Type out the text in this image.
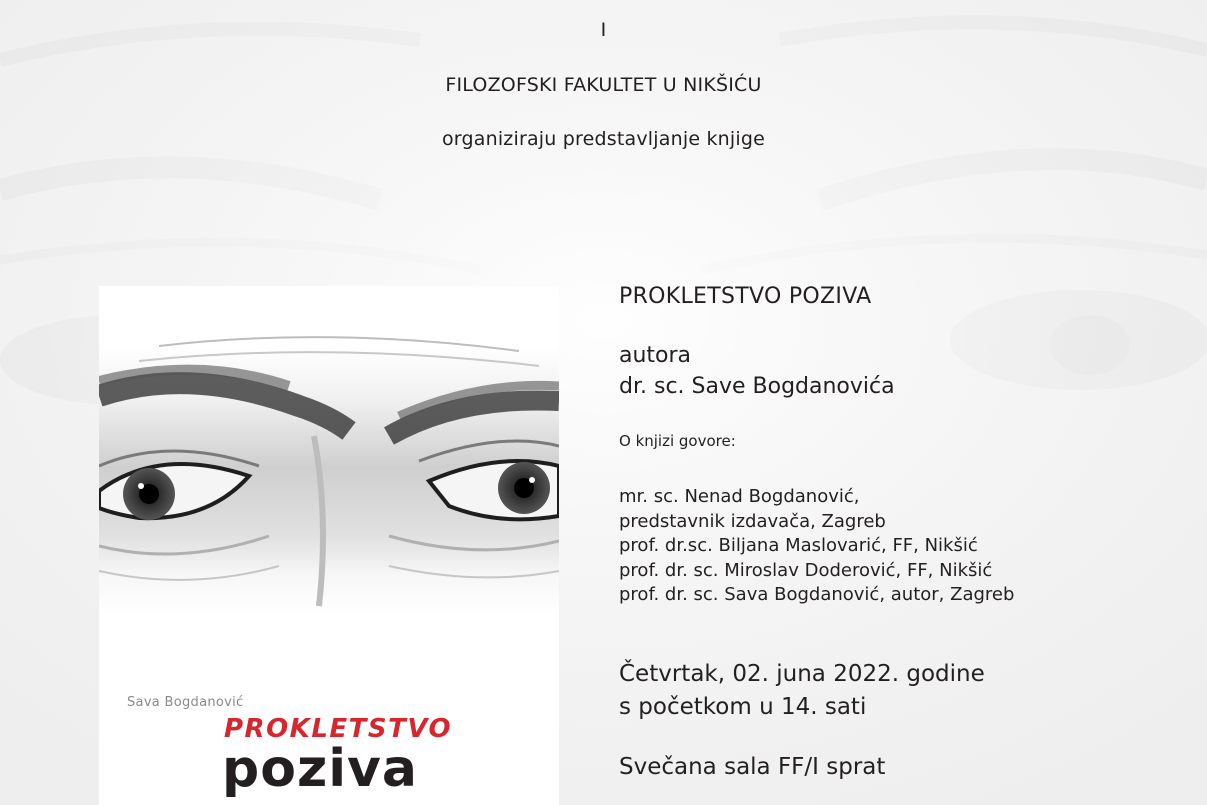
I
FILOZOFSKI FAKULTET U NIKŠIĆU
organiziraju predstavljanje knjige
Sava Bogdanović
PROKLETSTVO
poziva
PROKLETSTVO POZIVA
autora
dr. sc. Save Bogdanovića
O knjizi govore:
mr. sc. Nenad Bogdanović,
predstavnik izdavača, Zagreb
prof. dr.sc. Biljana Maslovarić, FF, Nikšić
prof. dr. sc. Miroslav Doderović, FF, Nikšić
prof. dr. sc. Sava Bogdanović, autor, Zagreb
Četvrtak, 02. juna 2022. godine
s početkom u 14. sati
Svečana sala FF/I sprat
